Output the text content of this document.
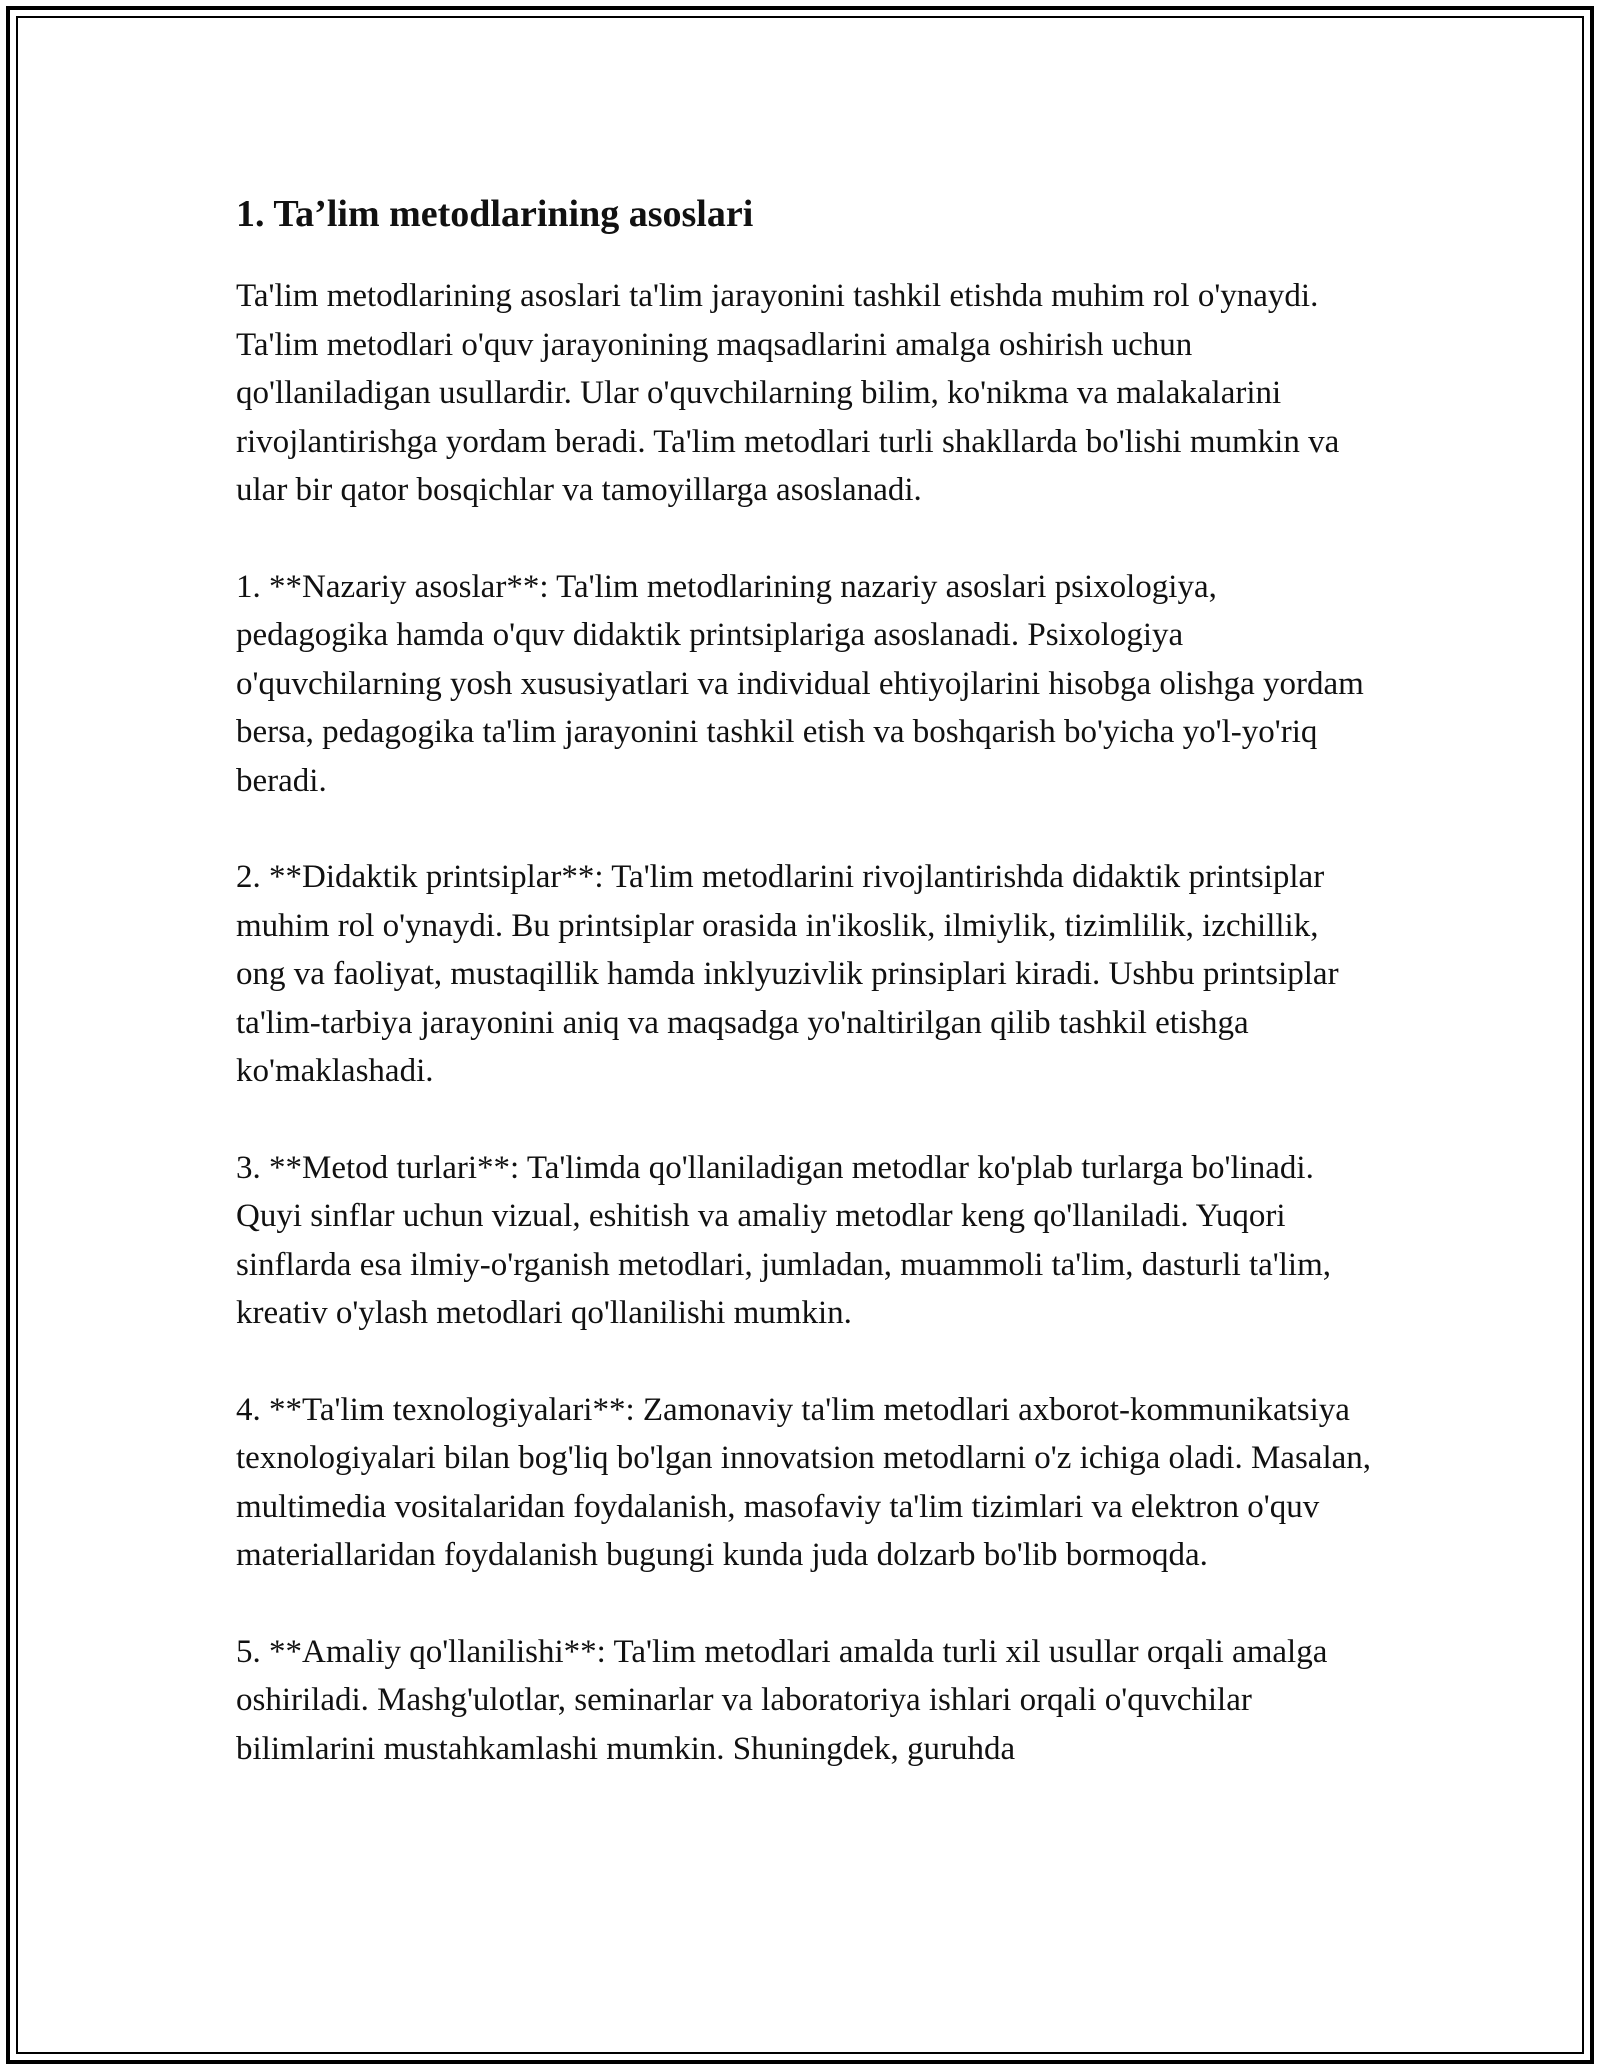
1. Ta’lim metodlarining asoslari

Ta'lim metodlarining asoslari ta'lim jarayonini tashkil etishda muhim rol o'ynaydi. Ta'lim metodlari o'quv jarayonining maqsadlarini amalga oshirish uchun qo'llaniladigan usullardir. Ular o'quvchilarning bilim, ko'nikma va malakalarini rivojlantirishga yordam beradi. Ta'lim metodlari turli shakllarda bo'lishi mumkin va ular bir qator bosqichlar va tamoyillarga asoslanadi.

1. **Nazariy asoslar**: Ta'lim metodlarining nazariy asoslari psixologiya, pedagogika hamda o'quv didaktik printsiplariga asoslanadi. Psixologiya o'quvchilarning yosh xususiyatlari va individual ehtiyojlarini hisobga olishga yordam bersa, pedagogika ta'lim jarayonini tashkil etish va boshqarish bo'yicha yo'l-yo'riq beradi.

2. **Didaktik printsiplar**: Ta'lim metodlarini rivojlantirishda didaktik printsiplar muhim rol o'ynaydi. Bu printsiplar orasida in'ikoslik, ilmiylik, tizimlilik, izchillik, ong va faoliyat, mustaqillik hamda inklyuzivlik prinsiplari kiradi. Ushbu printsiplar ta'lim-tarbiya jarayonini aniq va maqsadga yo'naltirilgan qilib tashkil etishga ko'maklashadi.

3. **Metod turlari**: Ta'limda qo'llaniladigan metodlar ko'plab turlarga bo'linadi. Quyi sinflar uchun vizual, eshitish va amaliy metodlar keng qo'llaniladi. Yuqori sinflarda esa ilmiy-o'rganish metodlari, jumladan, muammoli ta'lim, dasturli ta'lim, kreativ o'ylash metodlari qo'llanilishi mumkin.

4. **Ta'lim texnologiyalari**: Zamonaviy ta'lim metodlari axborot-kommunikatsiya texnologiyalari bilan bog'liq bo'lgan innovatsion metodlarni o'z ichiga oladi. Masalan, multimedia vositalaridan foydalanish, masofaviy ta'lim tizimlari va elektron o'quv materiallaridan foydalanish bugungi kunda juda dolzarb bo'lib bormoqda.

5. **Amaliy qo'llanilishi**: Ta'lim metodlari amalda turli xil usullar orqali amalga oshiriladi. Mashg'ulotlar, seminarlar va laboratoriya ishlari orqali o'quvchilar bilimlarini mustahkamlashi mumkin. Shuningdek, guruhda
